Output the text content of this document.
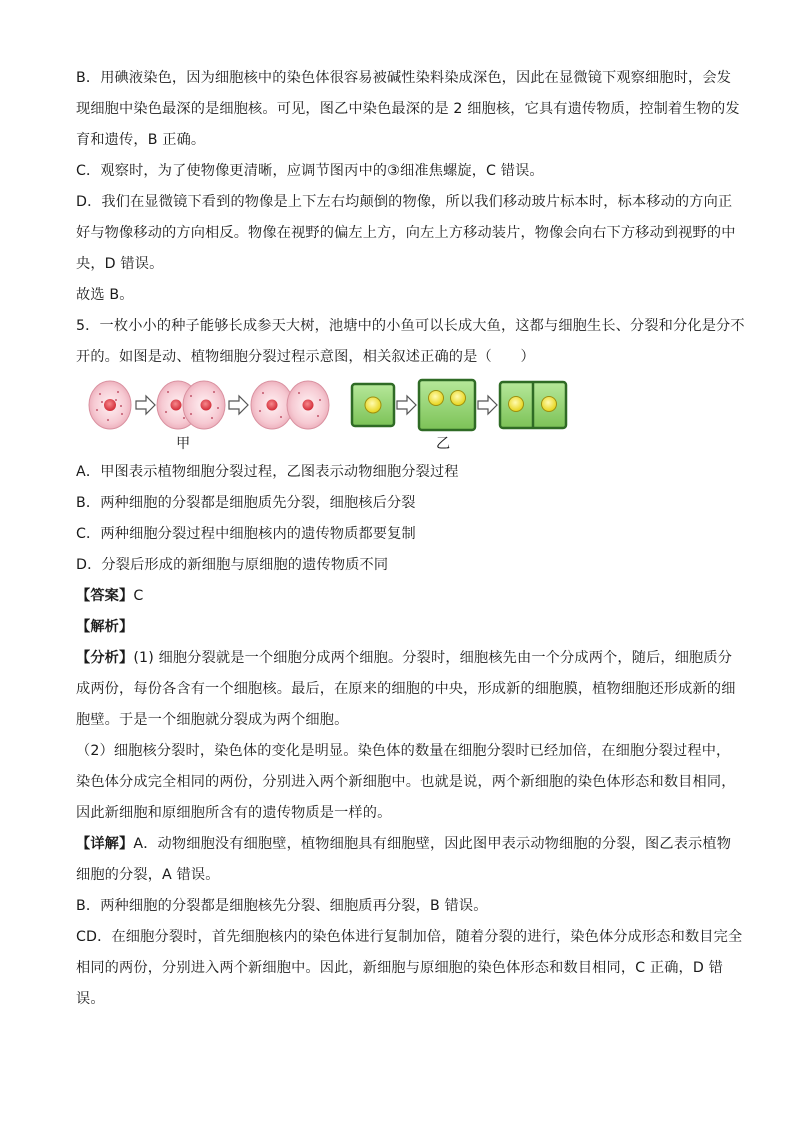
B．用碘液染色，因为细胞核中的染色体很容易被碱性染料染成深色，因此在显微镜下观察细胞时，会发
现细胞中染色最深的是细胞核。可见，图乙中染色最深的是 2 细胞核，它具有遗传物质，控制着生物的发
育和遗传，B 正确。
C．观察时，为了使物像更清晰，应调节图丙中的③细准焦螺旋，C 错误。
D．我们在显微镜下看到的物像是上下左右均颠倒的物像，所以我们移动玻片标本时，标本移动的方向正
好与物像移动的方向相反。物像在视野的偏左上方，向左上方移动装片，物像会向右下方移动到视野的中
央，D 错误。
故选 B。
5．一枚小小的种子能够长成参天大树，池塘中的小鱼可以长成大鱼，这都与细胞生长、分裂和分化是分不
开的。如图是动、植物细胞分裂过程示意图，相关叙述正确的是（　　）
甲	乙
A．甲图表示植物细胞分裂过程，乙图表示动物细胞分裂过程
B．两种细胞的分裂都是细胞质先分裂，细胞核后分裂
C．两种细胞分裂过程中细胞核内的遗传物质都要复制
D．分裂后形成的新细胞与原细胞的遗传物质不同
【答案】C
【解析】
【分析】(1) 细胞分裂就是一个细胞分成两个细胞。分裂时，细胞核先由一个分成两个，随后，细胞质分
成两份，每份各含有一个细胞核。最后，在原来的细胞的中央，形成新的细胞膜，植物细胞还形成新的细
胞壁。于是一个细胞就分裂成为两个细胞。
（2）细胞核分裂时，染色体的变化是明显。染色体的数量在细胞分裂时已经加倍，在细胞分裂过程中，
染色体分成完全相同的两份，分别进入两个新细胞中。也就是说，两个新细胞的染色体形态和数目相同，
因此新细胞和原细胞所含有的遗传物质是一样的。
【详解】A．动物细胞没有细胞壁，植物细胞具有细胞壁，因此图甲表示动物细胞的分裂，图乙表示植物
细胞的分裂，A 错误。
B．两种细胞的分裂都是细胞核先分裂、细胞质再分裂，B 错误。
CD．在细胞分裂时，首先细胞核内的染色体进行复制加倍，随着分裂的进行，染色体分成形态和数目完全
相同的两份，分别进入两个新细胞中。因此，新细胞与原细胞的染色体形态和数目相同，C 正确，D 错
误。
